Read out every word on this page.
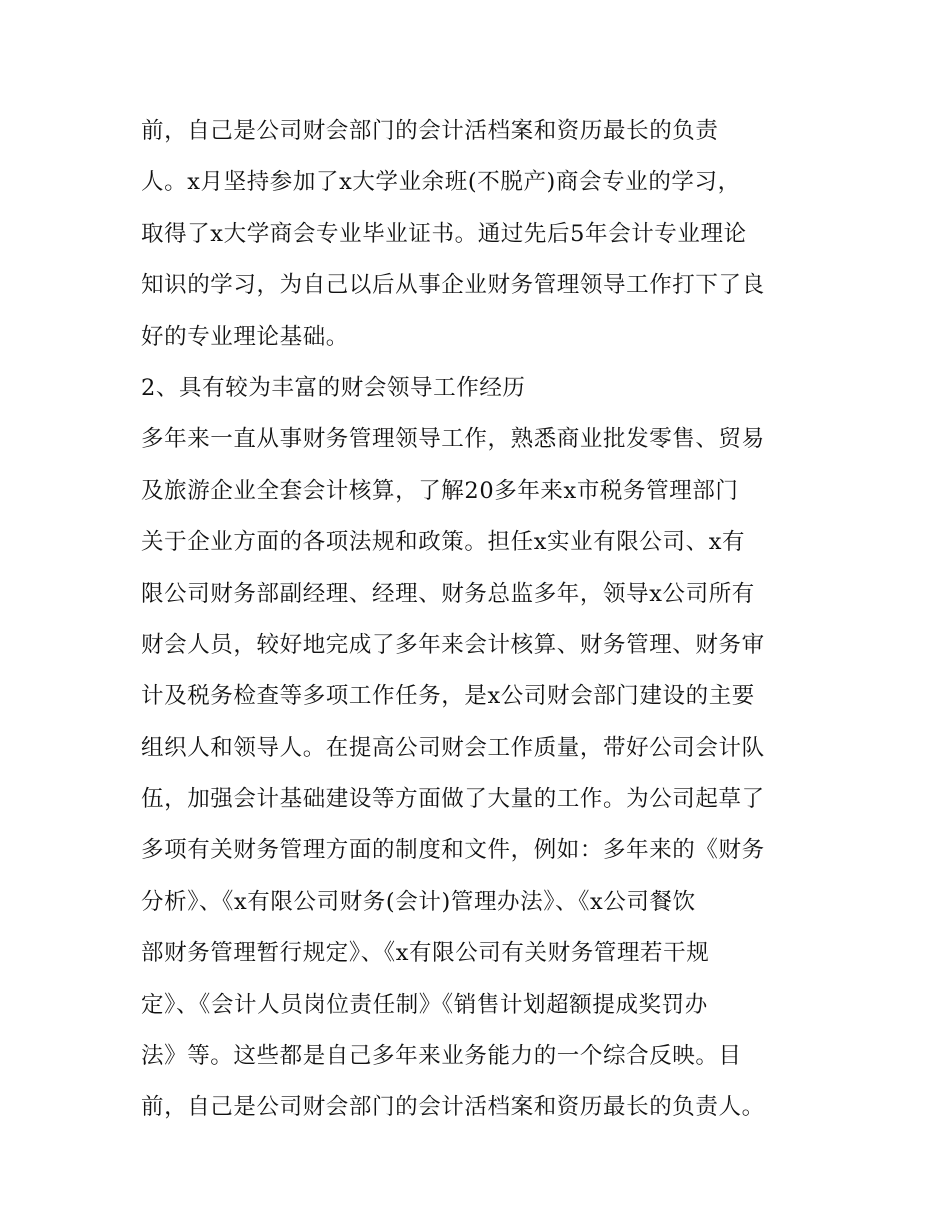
前，自己是公司财会部门的会计活档案和资历最长的负责
人。x月坚持参加了x大学业余班(不脱产)商会专业的学习，
取得了x大学商会专业毕业证书。通过先后5年会计专业理论
知识的学习，为自己以后从事企业财务管理领导工作打下了良
好的专业理论基础。
2、具有较为丰富的财会领导工作经历
多年来一直从事财务管理领导工作，熟悉商业批发零售、贸易
及旅游企业全套会计核算，了解20多年来x市税务管理部门
关于企业方面的各项法规和政策。担任x实业有限公司、x有
限公司财务部副经理、经理、财务总监多年，领导x公司所有
财会人员，较好地完成了多年来会计核算、财务管理、财务审
计及税务检查等多项工作任务，是x公司财会部门建设的主要
组织人和领导人。在提高公司财会工作质量，带好公司会计队
伍，加强会计基础建设等方面做了大量的工作。为公司起草了
多项有关财务管理方面的制度和文件，例如：多年来的《财务
分析》、《x有限公司财务(会计)管理办法》、《x公司餐饮
部财务管理暂行规定》、《x有限公司有关财务管理若干规
定》、《会计人员岗位责任制》《销售计划超额提成奖罚办
法》等。这些都是自己多年来业务能力的一个综合反映。目
前，自己是公司财会部门的会计活档案和资历最长的负责人。
